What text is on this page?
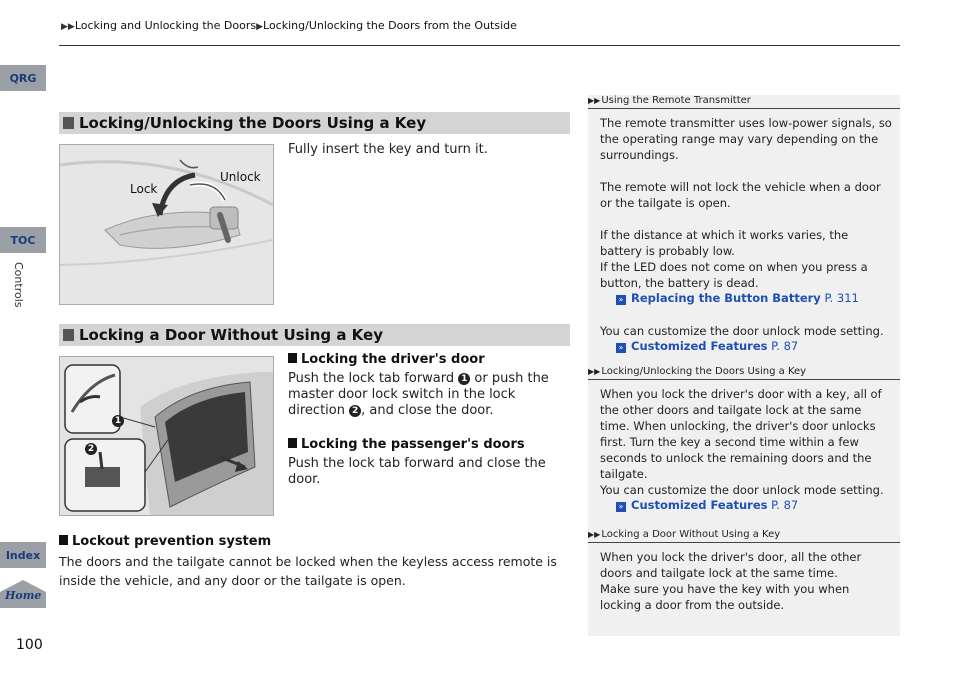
▶▶Locking and Unlocking the Doors▶Locking/Unlocking the Doors from the Outside
QRG
TOC
Controls
Index
Home
100
Locking/Unlocking the Doors Using a Key
Lock
Unlock
Fully insert the key and turn it.
Locking a Door Without Using a Key
1
2
Locking the driver's door
Push the lock tab forward 1 or push the master door lock switch in the lock direction 2 , and close the door.
Locking the passenger's doors
Push the lock tab forward and close the door.
Lockout prevention system
The doors and the tailgate cannot be locked when the keyless access remote is inside the vehicle, and any door or the tailgate is open.
▶▶Using the Remote Transmitter
The remote transmitter uses low-power signals, so the operating range may vary depending on the surroundings.
The remote will not lock the vehicle when a door or the tailgate is open.
If the distance at which it works varies, the battery is probably low.
If the LED does not come on when you press a button, the battery is dead.
» Replacing the Button Battery P. 311
You can customize the door unlock mode setting.
» Customized Features P. 87
▶▶Locking/Unlocking the Doors Using a Key
When you lock the driver's door with a key, all of the other doors and tailgate lock at the same time. When unlocking, the driver's door unlocks first. Turn the key a second time within a few seconds to unlock the remaining doors and the tailgate.
You can customize the door unlock mode setting.
» Customized Features P. 87
▶▶Locking a Door Without Using a Key
When you lock the driver's door, all the other doors and tailgate lock at the same time.
Make sure you have the key with you when locking a door from the outside.
